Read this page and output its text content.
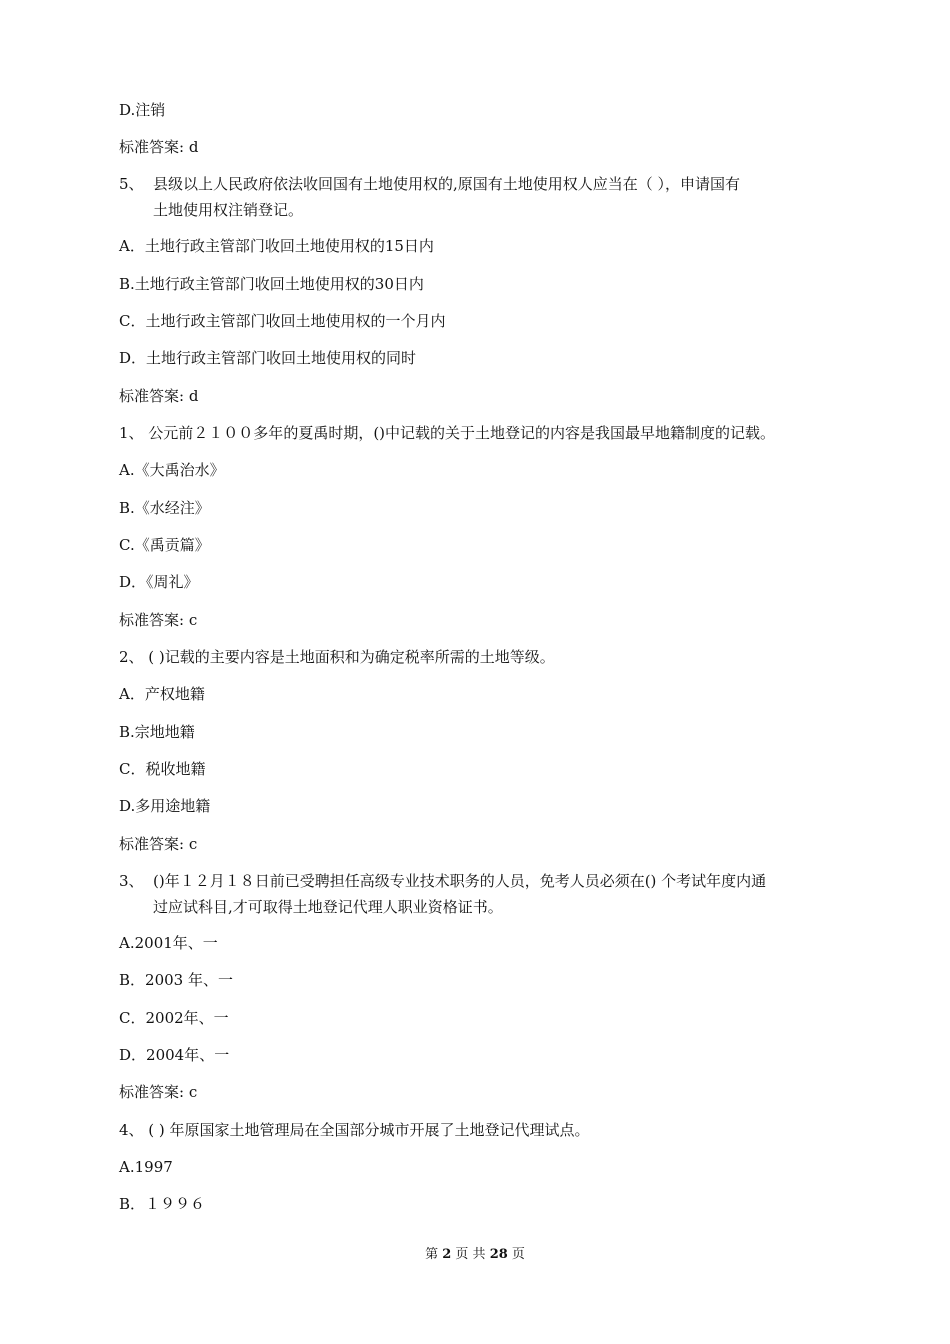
D.注销
标准答案: d
5、 县级以上人民政府依法收回国有土地使用权的,原国有土地使用权人应当在（ ），申请国有
土地使用权注销登记。
A．土地行政主管部门收回土地使用权的15日内
B.土地行政主管部门收回土地使用权的30日内
C．土地行政主管部门收回土地使用权的一个月内
D．土地行政主管部门收回土地使用权的同时
标准答案: d
1、 公元前２１００多年的夏禹时期，()中记载的关于土地登记的内容是我国最早地籍制度的记载。
A.《大禹治水》
B.《水经注》
C.《禹贡篇》
D．《周礼》
标准答案: c
2、 ( )记载的主要内容是土地面积和为确定税率所需的土地等级。
A．产权地籍
B.宗地地籍
C．税收地籍
D.多用途地籍
标准答案: c
3、 ()年１２月１８日前已受聘担任高级专业技术职务的人员，免考人员必须在() 个考试年度内通
过应试科目,才可取得土地登记代理人职业资格证书。
A.2001年、一
B．2003 年、一
C．2002年、一
D．2004年、一
标准答案: c
4、 ( ) 年原国家土地管理局在全国部分城市开展了土地登记代理试点。
A.1997
B．１９９６
第 2 页 共 28 页
